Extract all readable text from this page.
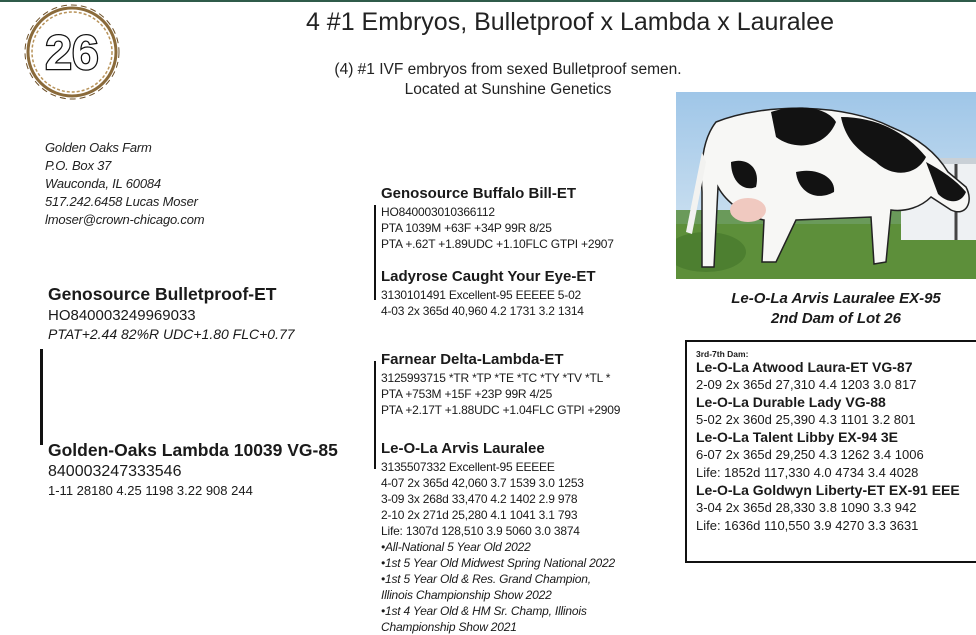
26
4 #1 Embryos, Bulletproof x Lambda x Lauralee
(4) #1 IVF embryos from sexed Bulletproof semen.
Located at Sunshine Genetics
Golden Oaks Farm
P.O. Box 37
Wauconda, IL 60084
517.242.6458 Lucas Moser
lmoser@crown-chicago.com
Genosource Bulletproof-ET
HO840003249969033
PTAT+2.44 82%R UDC+1.80 FLC+0.77
Golden-Oaks Lambda 10039 VG-85
840003247333546
1-11 28180 4.25 1198 3.22 908 244
Genosource Buffalo Bill-ET
HO840003010366112
PTA 1039M +63F +34P 99R 8/25
PTA +.62T +1.89UDC +1.10FLC GTPI +2907
Ladyrose Caught Your Eye-ET
3130101491 Excellent-95 EEEEE 5-02
4-03 2x 365d 40,960 4.2 1731 3.2 1314
Farnear Delta-Lambda-ET
3125993715 *TR *TP *TE *TC *TY *TV *TL *
PTA +753M +15F +23P 99R 4/25
PTA +2.17T +1.88UDC +1.04FLC GTPI +2909
Le-O-La Arvis Lauralee
3135507332 Excellent-95 EEEEE
4-07 2x 365d 42,060 3.7 1539 3.0 1253
3-09 3x 268d 33,470 4.2 1402 2.9 978
2-10 2x 271d 25,280 4.1 1041 3.1 793
Life: 1307d 128,510 3.9 5060 3.0 3874
•All-National 5 Year Old 2022
•1st 5 Year Old Midwest Spring National 2022
•1st 5 Year Old & Res. Grand Champion,
Illinois Championship Show 2022
•1st 4 Year Old & HM Sr. Champ, Illinois
Championship Show 2021
Le-O-La Arvis Lauralee EX-95
2nd Dam of Lot 26
3rd-7th Dam:
Le-O-La Atwood Laura-ET VG-87
2-09 2x 365d 27,310 4.4 1203 3.0 817
Le-O-La Durable Lady VG-88
5-02 2x 360d 25,390 4.3 1101 3.2 801
Le-O-La Talent Libby EX-94 3E
6-07 2x 365d 29,250 4.3 1262 3.4 1006
Life: 1852d 117,330 4.0 4734 3.4 4028
Le-O-La Goldwyn Liberty-ET EX-91 EEE
3-04 2x 365d 28,330 3.8 1090 3.3 942
Life: 1636d 110,550 3.9 4270 3.3 3631
